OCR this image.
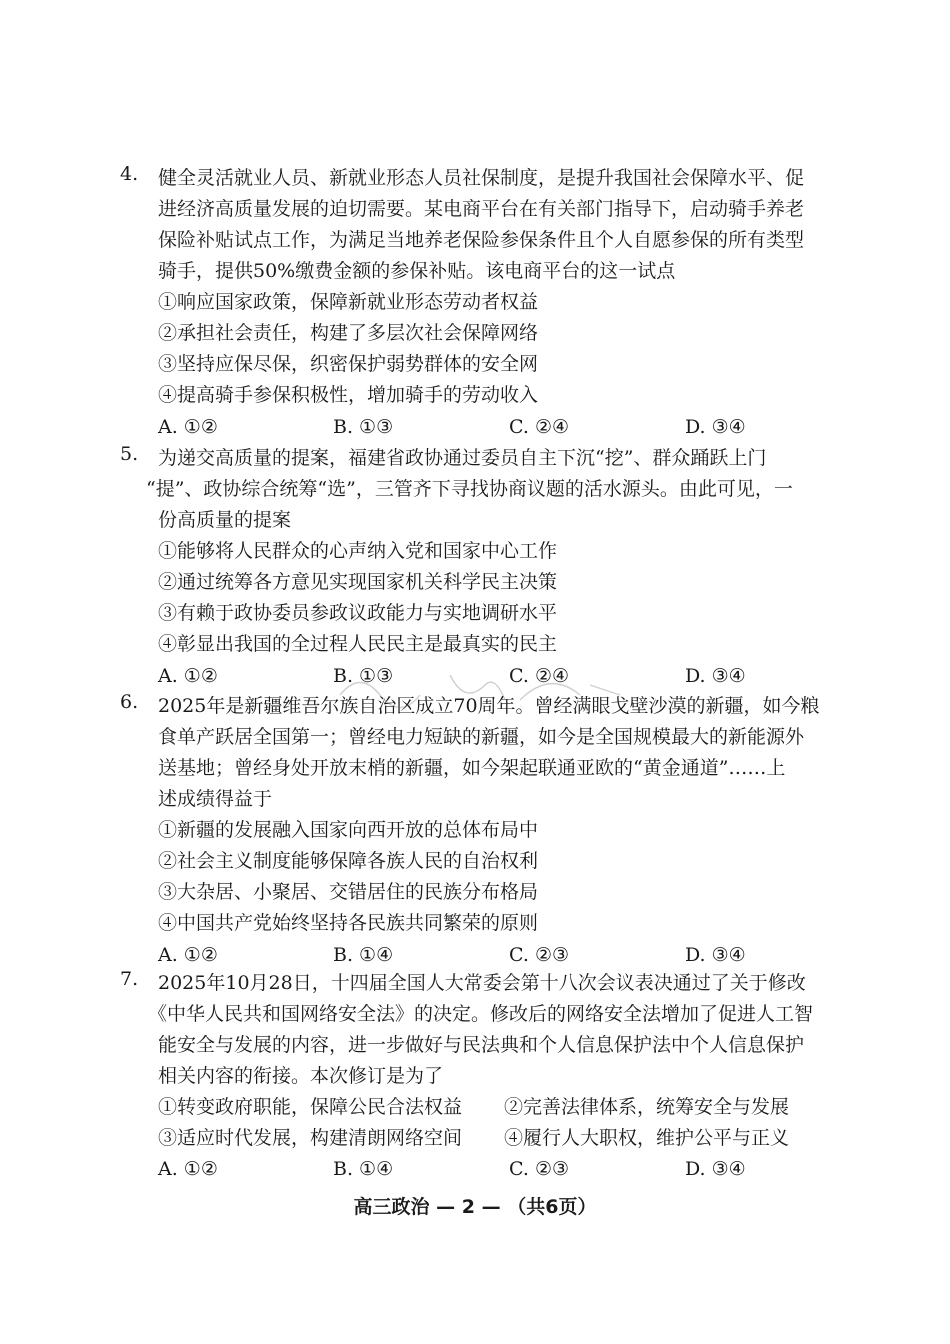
4.	健全灵活就业人员、新就业形态人员社保制度，是提升我国社会保障水平、促
进经济高质量发展的迫切需要。某电商平台在有关部门指导下，启动骑手养老
保险补贴试点工作，为满足当地养老保险参保条件且个人自愿参保的所有类型
骑手，提供50%缴费金额的参保补贴。该电商平台的这一试点
①响应国家政策，保障新就业形态劳动者权益
②承担社会责任，构建了多层次社会保障网络
③坚持应保尽保，织密保护弱势群体的安全网
④提高骑手参保积极性，增加骑手的劳动收入
A. ①②	B. ①③	C. ②④	D. ③④
5.	为递交高质量的提案，福建省政协通过委员自主下沉“挖”、群众踊跃上门
“提”、政协综合统筹“选”，三管齐下寻找协商议题的活水源头。由此可见，一
份高质量的提案
①能够将人民群众的心声纳入党和国家中心工作
②通过统筹各方意见实现国家机关科学民主决策
③有赖于政协委员参政议政能力与实地调研水平
④彰显出我国的全过程人民民主是最真实的民主
A. ①②	B. ①③	C. ②④	D. ③④
6.	2025年是新疆维吾尔族自治区成立70周年。曾经满眼戈壁沙漠的新疆，如今粮
食单产跃居全国第一；曾经电力短缺的新疆，如今是全国规模最大的新能源外
送基地；曾经身处开放末梢的新疆，如今架起联通亚欧的“黄金通道”……上
述成绩得益于
①新疆的发展融入国家向西开放的总体布局中
②社会主义制度能够保障各族人民的自治权利
③大杂居、小聚居、交错居住的民族分布格局
④中国共产党始终坚持各民族共同繁荣的原则
A. ①②	B. ①④	C. ②③	D. ③④
7.	2025年10月28日，十四届全国人大常委会第十八次会议表决通过了关于修改
《中华人民共和国网络安全法》的决定。修改后的网络安全法增加了促进人工智
能安全与发展的内容，进一步做好与民法典和个人信息保护法中个人信息保护
相关内容的衔接。本次修订是为了
①转变政府职能，保障公民合法权益 ②完善法律体系，统筹安全与发展
③适应时代发展，构建清朗网络空间 ④履行人大职权，维护公平与正义
A. ①②	B. ①④	C. ②③	D. ③④
高三政治 — 2 — （共6页）
